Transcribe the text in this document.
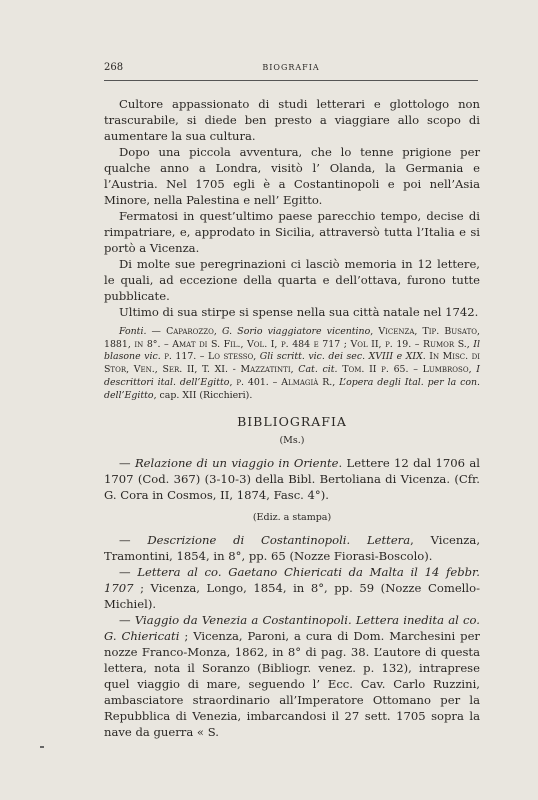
268	BIOGRAFIA

Cultore appassionato di studi letterari e glottologo non trascurabile, si diede ben presto a viaggiare allo scopo di aumentare la sua cultura.

Dopo una piccola avventura, che lo tenne prigione per qualche anno a Londra, visitò l’ Olanda, la Germania e l’Austria. Nel 1705 egli è a Costantinopoli e poi nell’Asia Minore, nella Palestina e nell’ Egitto.

Fermatosi in quest’ultimo paese parecchio tempo, decise di rimpatriare, e, approdato in Sicilia, attraversò tutta l’Italia e si portò a Vicenza.

Di molte sue peregrinazioni ci lasciò memoria in 12 lettere, le quali, ad eccezione della quarta e dell’ottava, furono tutte pubblicate.

Ultimo di sua stirpe si spense nella sua città natale nel 1742.

Fonti. — Caparozzo, G. Sorio viaggiatore vicentino, Vicenza, Tip. Busato, 1881, in 8°. – Amat di S. Fil., Vol. I, p. 484 e 717 ; Vol II, p. 19. – Rumor S., Il blasone vic. p. 117. – Lo stesso, Gli scritt. vic. dei sec. XVIII e XIX. In Misc. di Stor, Ven., Ser. II, T. XI. - Mazzatinti, Cat. cit. Tom. II p. 65. – Lumbroso, I descrittori ital. dell’Egitto, p. 401. – Almagià R., L’opera degli Ital. per la con. dell’Egitto, cap. XII (Ricchieri).
BIBLIOGRAFIA
(Ms.)

— Relazione di un viaggio in Oriente. Lettere 12 dal 1706 al 1707 (Cod. 367) (3-10-3) della Bibl. Bertoliana di Vicenza. (Cfr. G. Cora in Cosmos, II, 1874, Fasc. 4°).

(Ediz. a stampa)

— Descrizione di Costantinopoli. Lettera, Vicenza, Tramontini, 1854, in 8°, pp. 65 (Nozze Fiorasi-Boscolo).

— Lettera al co. Gaetano Chiericati da Malta il 14 febbr. 1707 ; Vicenza, Longo, 1854, in 8°, pp. 59 (Nozze Comello-Michiel).

— Viaggio da Venezia a Costantinopoli. Lettera inedita al co. G. Chiericati ; Vicenza, Paroni, a cura di Dom. Marchesini per nozze Franco-Monza, 1862, in 8° di pag. 38. L’autore di questa lettera, nota il Soranzo (Bibliogr. venez. p. 132), intraprese quel viaggio di mare, seguendo l’ Ecc. Cav. Carlo Ruzzini, ambasciatore straordinario all’Imperatore Ottomano per la Repubblica di Venezia, imbarcandosi il 27 sett. 1705 sopra la nave da guerra « S.
